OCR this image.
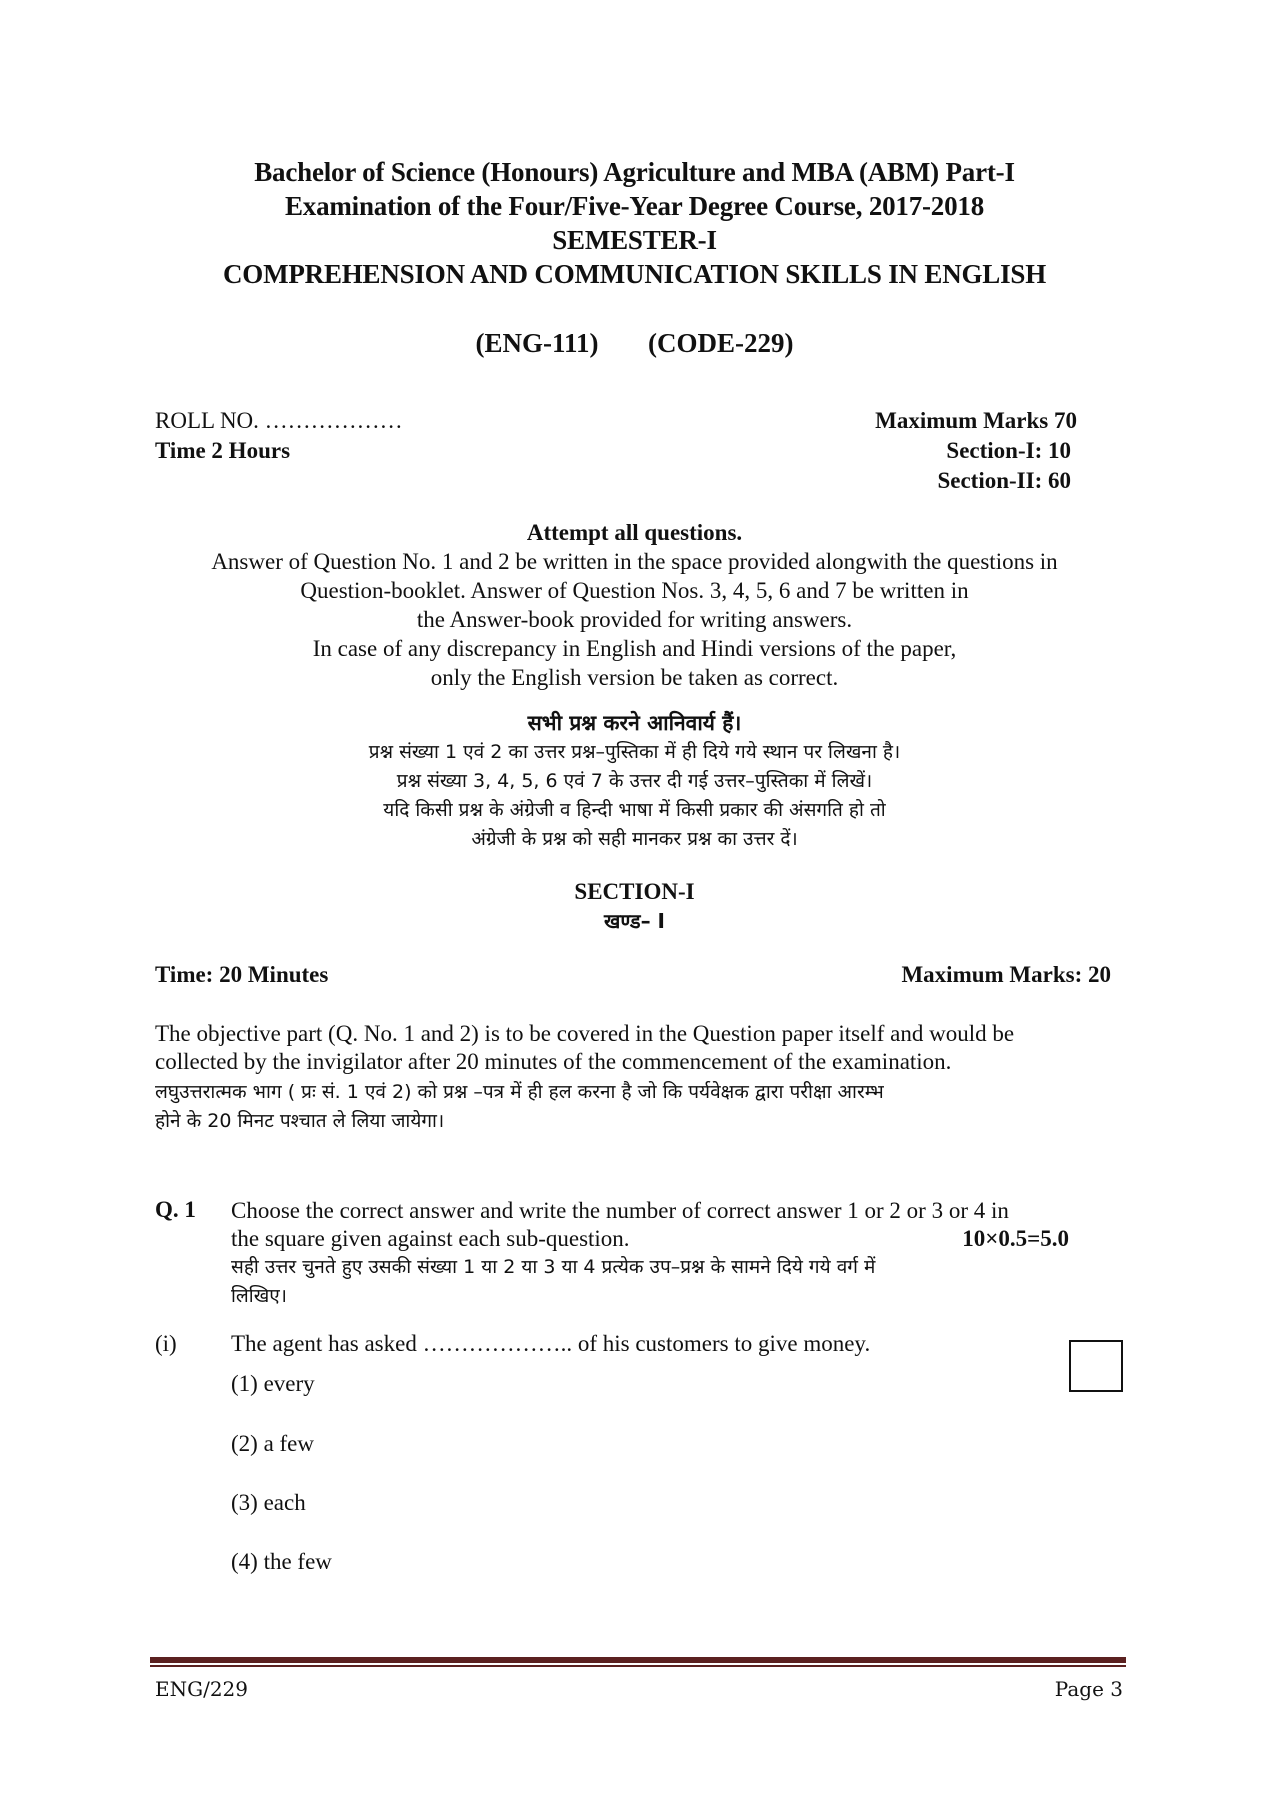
Bachelor of Science (Honours) Agriculture and MBA (ABM) Part-I
Examination of the Four/Five-Year Degree Course, 2017-2018
SEMESTER-I
COMPREHENSION AND COMMUNICATION SKILLS IN ENGLISH
(ENG-111) (CODE-229)
ROLL NO. ………………
Time 2 Hours
Maximum Marks 70
Section-I: 10
Section-II: 60
Attempt all questions.
Answer of Question No. 1 and 2 be written in the space provided alongwith the questions in
Question-booklet. Answer of Question Nos. 3, 4, 5, 6 and 7 be written in
the Answer-book provided for writing answers.
In case of any discrepancy in English and Hindi versions of the paper,
only the English version be taken as correct.
सभी प्रश्न करने आनिवार्य हैं।
प्रश्न संख्या 1 एवं 2 का उत्तर प्रश्न–पुस्तिका में ही दिये गये स्थान पर लिखना है।
प्रश्न संख्या 3, 4, 5, 6 एवं 7 के उत्तर दी गई उत्तर–पुस्तिका में लिखें।
यदि किसी प्रश्न के अंग्रेजी व हिन्दी भाषा में किसी प्रकार की अंसगति हो तो
अंग्रेजी के प्रश्न को सही मानकर प्रश्न का उत्तर दें।
SECTION-I
खण्ड– I
Time: 20 Minutes	Maximum Marks: 20
The objective part (Q. No. 1 and 2) is to be covered in the Question paper itself and would be
collected by the invigilator after 20 minutes of the commencement of the examination.
लघुउत्तरात्मक भाग ( प्रः सं. 1 एवं 2) को प्रश्न –पत्र में ही हल करना है जो कि पर्यवेक्षक द्वारा परीक्षा आरम्भ
होने के 20 मिनट पश्चात ले लिया जायेगा।
Q. 1 Choose the correct answer and write the number of correct answer 1 or 2 or 3 or 4 in
the square given against each sub-question.	10×0.5=5.0
सही उत्तर चुनते हुए उसकी संख्या 1 या 2 या 3 या 4 प्रत्येक उप–प्रश्न के सामने दिये गये वर्ग में
लिखिए।
(i) The agent has asked ……………….. of his customers to give money.
(1) every
(2) a few
(3) each
(4) the few
ENG/229	Page 3
